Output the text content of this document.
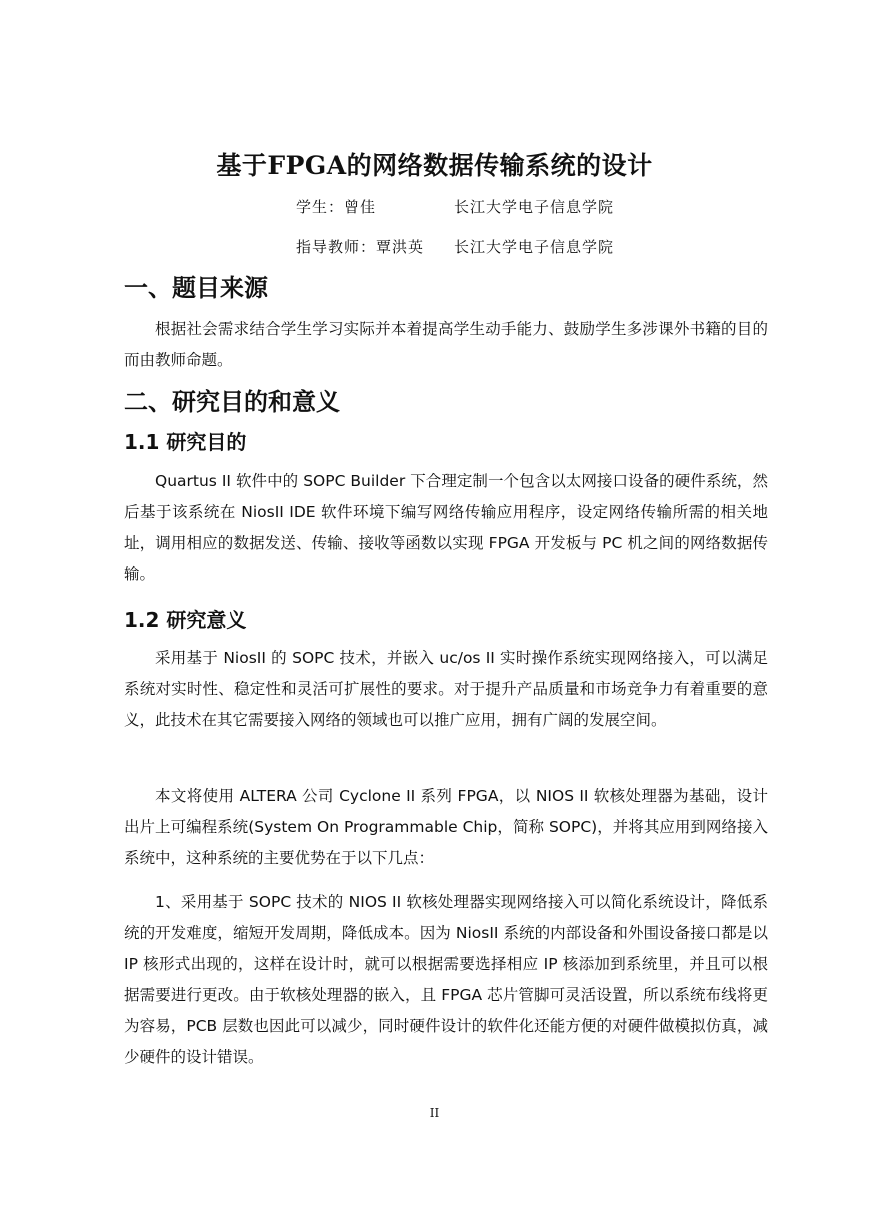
基于FPGA的网络数据传输系统的设计
学生：曾佳	长江大学电子信息学院
指导教师：覃洪英 长江大学电子信息学院
一、题目来源
根据社会需求结合学生学习实际并本着提高学生动手能力、鼓励学生多涉课外书籍的目的而由教师命题。
二、研究目的和意义
1.1 研究目的
Quartus II 软件中的 SOPC Builder 下合理定制一个包含以太网接口设备的硬件系统，然后基于该系统在 NiosII IDE 软件环境下编写网络传输应用程序，设定网络传输所需的相关地址，调用相应的数据发送、传输、接收等函数以实现 FPGA 开发板与 PC 机之间的网络数据传输。
1.2 研究意义
采用基于 NiosII 的 SOPC 技术，并嵌入 uc/os II 实时操作系统实现网络接入，可以满足系统对实时性、稳定性和灵活可扩展性的要求。对于提升产品质量和市场竞争力有着重要的意义，此技术在其它需要接入网络的领域也可以推广应用，拥有广阔的发展空间。
本文将使用 ALTERA 公司 Cyclone II 系列 FPGA，以 NIOS II 软核处理器为基础，设计出片上可编程系统(System On Programmable Chip，简称 SOPC)，并将其应用到网络接入系统中，这种系统的主要优势在于以下几点：
1、采用基于 SOPC 技术的 NIOS II 软核处理器实现网络接入可以简化系统设计，降低系统的开发难度，缩短开发周期，降低成本。因为 NiosII 系统的内部设备和外围设备接口都是以 IP 核形式出现的，这样在设计时，就可以根据需要选择相应 IP 核添加到系统里，并且可以根据需要进行更改。由于软核处理器的嵌入，且 FPGA 芯片管脚可灵活设置，所以系统布线将更为容易，PCB 层数也因此可以减少，同时硬件设计的软件化还能方便的对硬件做模拟仿真，减少硬件的设计错误。
II
